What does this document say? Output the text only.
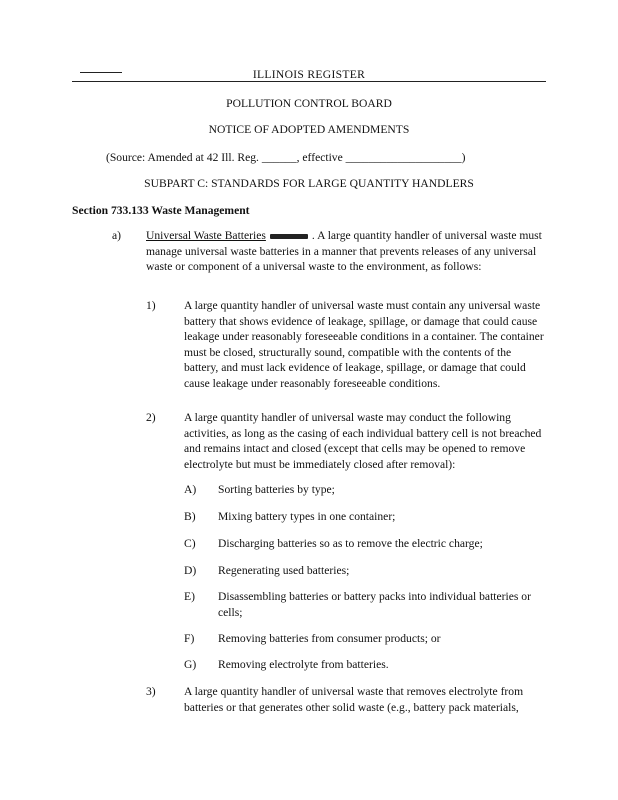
ILLINOIS REGISTER
POLLUTION CONTROL BOARD
NOTICE OF ADOPTED AMENDMENTS
(Source: Amended at 42 Ill. Reg. ______, effective ____________________)
SUBPART C: STANDARDS FOR LARGE QUANTITY HANDLERS
Section 733.133 Waste Management
a) Universal Waste Batteries	. A large quantity handler of universal waste must manage universal waste batteries in a manner that prevents releases of any universal waste or component of a universal waste to the environment, as follows:
1) A large quantity handler of universal waste must contain any universal waste battery that shows evidence of leakage, spillage, or damage that could cause leakage under reasonably foreseeable conditions in a container. The container must be closed, structurally sound, compatible with the contents of the battery, and must lack evidence of leakage, spillage, or damage that could cause leakage under reasonably foreseeable conditions.
2) A large quantity handler of universal waste may conduct the following activities, as long as the casing of each individual battery cell is not breached and remains intact and closed (except that cells may be opened to remove electrolyte but must be immediately closed after removal):
A) Sorting batteries by type;
B) Mixing battery types in one container;
C) Discharging batteries so as to remove the electric charge;
D) Regenerating used batteries;
E) Disassembling batteries or battery packs into individual batteries or cells;
F) Removing batteries from consumer products; or
G) Removing electrolyte from batteries.
3) A large quantity handler of universal waste that removes electrolyte from batteries or that generates other solid waste (e.g., battery pack materials,
